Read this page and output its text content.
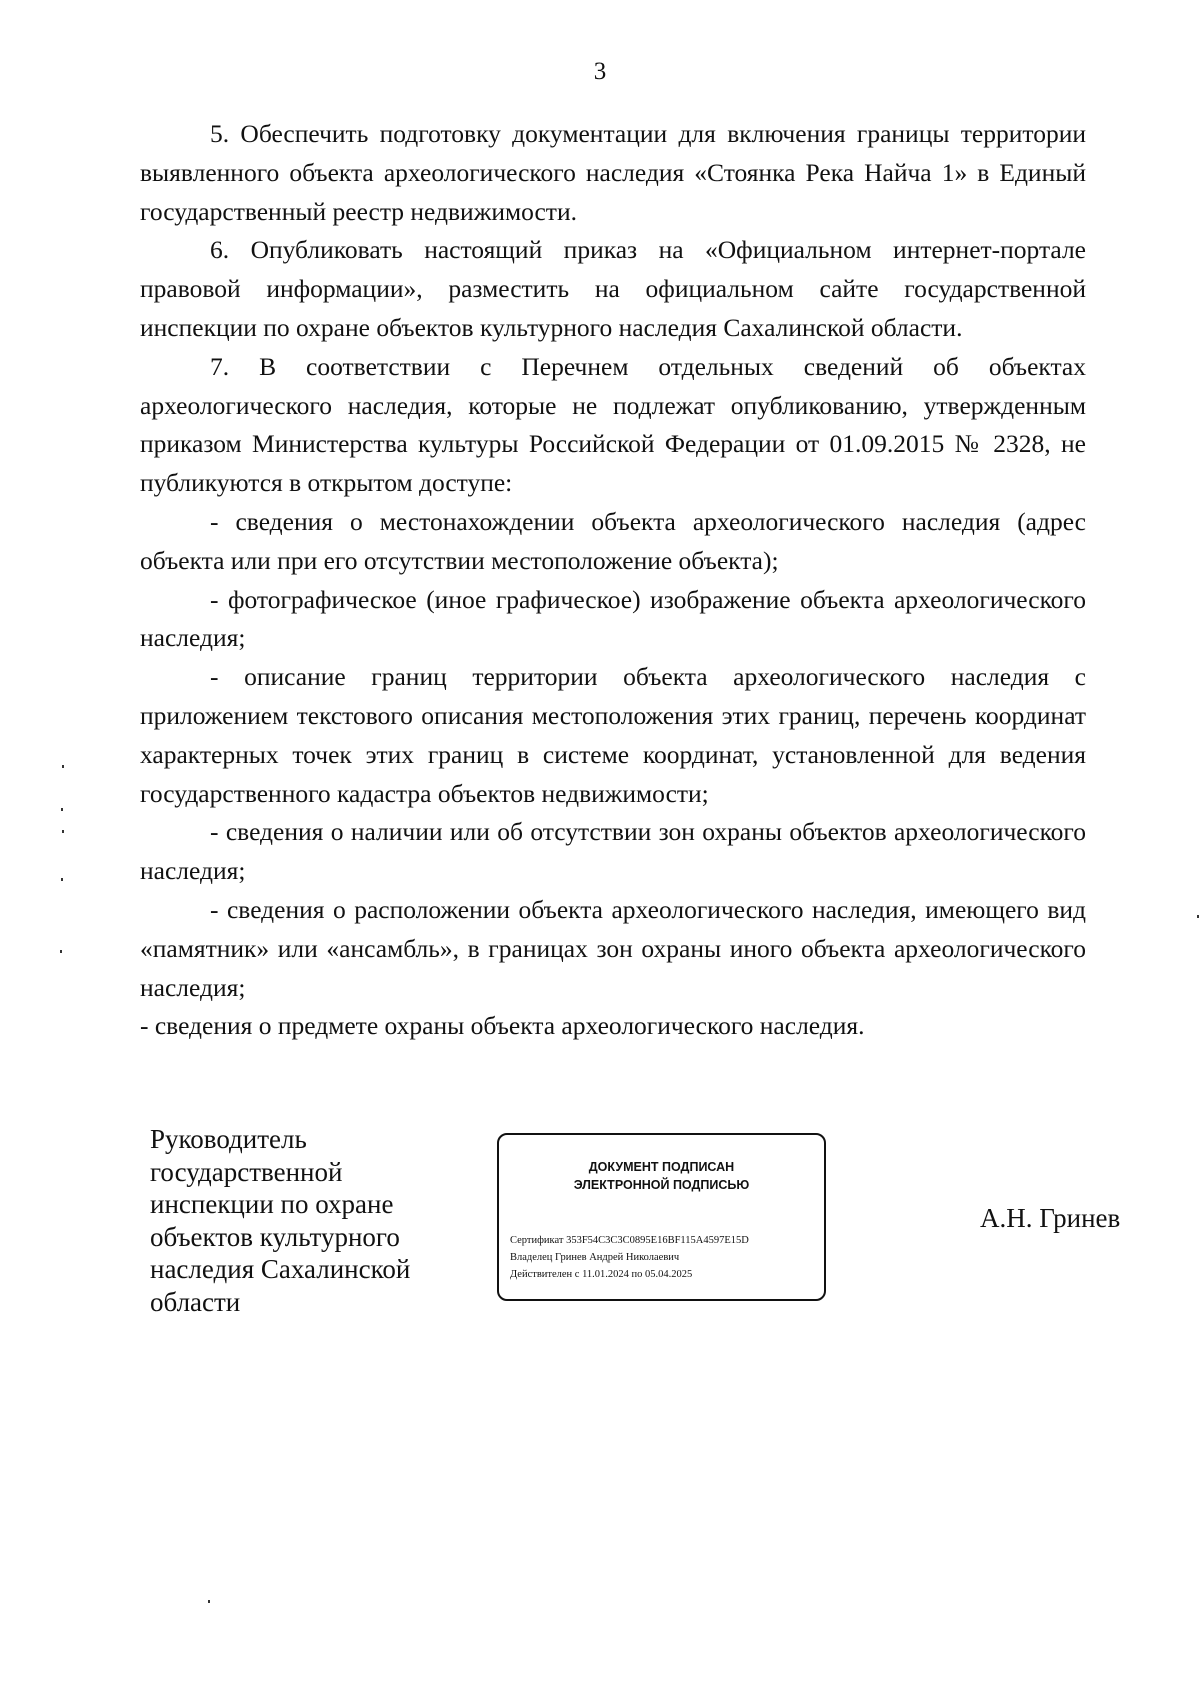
3

5. Обеспечить подготовку документации для включения границы территории выявленного объекта археологического наследия «Стоянка Река Найча 1» в Единый государственный реестр недвижимости.

6. Опубликовать настоящий приказ на «Официальном интернет-портале правовой информации», разместить на официальном сайте государственной инспекции по охране объектов культурного наследия Сахалинской области.

7. В соответствии с Перечнем отдельных сведений об объектах археологического наследия, которые не подлежат опубликованию, утвержденным приказом Министерства культуры Российской Федерации от 01.09.2015 № 2328, не публикуются в открытом доступе:

- сведения о местонахождении объекта археологического наследия (адрес объекта или при его отсутствии местоположение объекта);

- фотографическое (иное графическое) изображение объекта археологического наследия;

- описание границ территории объекта археологического наследия с приложением текстового описания местоположения этих границ, перечень координат характерных точек этих границ в системе координат, установленной для ведения государственного кадастра объектов недвижимости;

- сведения о наличии или об отсутствии зон охраны объектов археологического наследия;

- сведения о расположении объекта археологического наследия, имеющего вид «памятник» или «ансамбль», в границах зон охраны иного объекта археологического наследия;

- сведения о предмете охраны объекта археологического наследия.

Руководитель
государственной
инспекции по охране
объектов культурного
наследия Сахалинской
области
ДОКУМЕНТ ПОДПИСАН
ЭЛЕКТРОННОЙ ПОДПИСЬЮ
Сертификат 353F54C3C3C0895E16BF115A4597E15D
Владелец Гринев Андрей Николаевич
Действителен с 11.01.2024 по 05.04.2025
А.Н. Гринев
